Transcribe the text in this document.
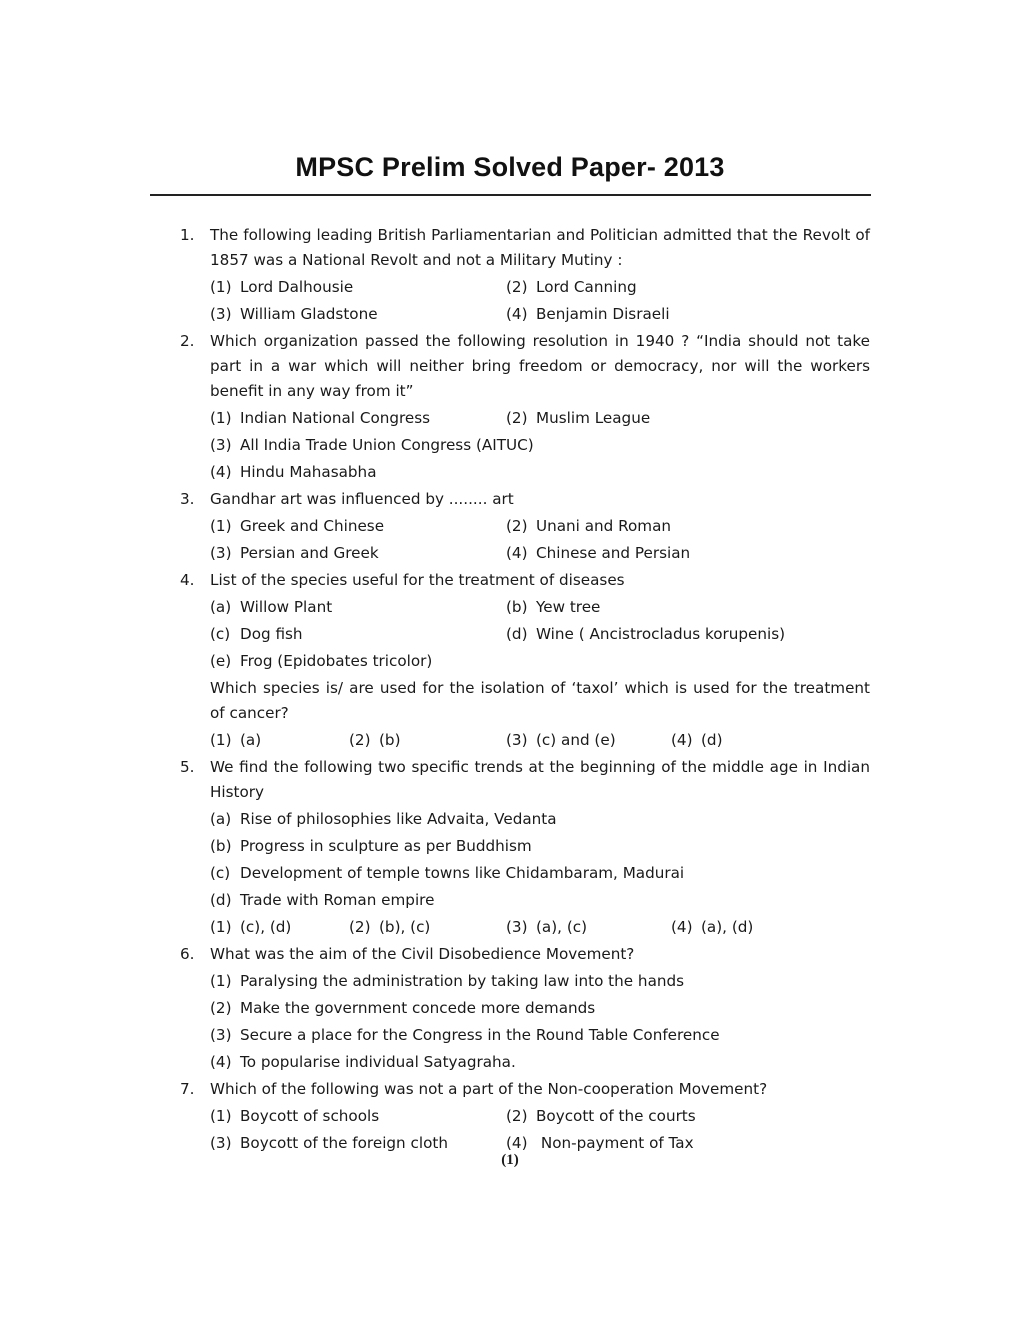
MPSC Prelim Solved Paper- 2013
1. The following leading British Parliamentarian and Politician admitted that the Revolt of 1857 was a National Revolt and not a Military Mutiny :
(1) Lord Dalhousie	(2) Lord Canning
(3) William Gladstone	(4) Benjamin Disraeli
2. Which organization passed the following resolution in 1940 ? “India should not take part in a war which will neither bring freedom or democracy, nor will the workers benefit in any way from it”
(1) Indian National Congress	(2) Muslim League
(3) All India Trade Union Congress (AITUC)
(4) Hindu Mahasabha
3. Gandhar art was influenced by ........ art
(1) Greek and Chinese	(2) Unani and Roman
(3) Persian and Greek	(4) Chinese and Persian
4. List of the species useful for the treatment of diseases
(a) Willow Plant	(b) Yew tree
(c) Dog fish	(d) Wine ( Ancistrocladus korupenis)
(e) Frog (Epidobates tricolor)
Which species is/ are used for the isolation of ‘taxol’ which is used for the treatment of cancer?
(1) (a)	(2) (b)	(3) (c) and (e)	(4) (d)
5. We find the following two specific trends at the beginning of the middle age in Indian History
(a) Rise of philosophies like Advaita, Vedanta
(b) Progress in sculpture as per Buddhism
(c) Development of temple towns like Chidambaram, Madurai
(d) Trade with Roman empire
(1) (c), (d)	(2) (b), (c)	(3) (a), (c)	(4) (a), (d)
6. What was the aim of the Civil Disobedience Movement?
(1) Paralysing the administration by taking law into the hands
(2) Make the government concede more demands
(3) Secure a place for the Congress in the Round Table Conference
(4) To popularise individual Satyagraha.
7. Which of the following was not a part of the Non-cooperation Movement?
(1) Boycott of schools	(2) Boycott of the courts
(3) Boycott of the foreign cloth	(4) Non-payment of Tax
(1)
